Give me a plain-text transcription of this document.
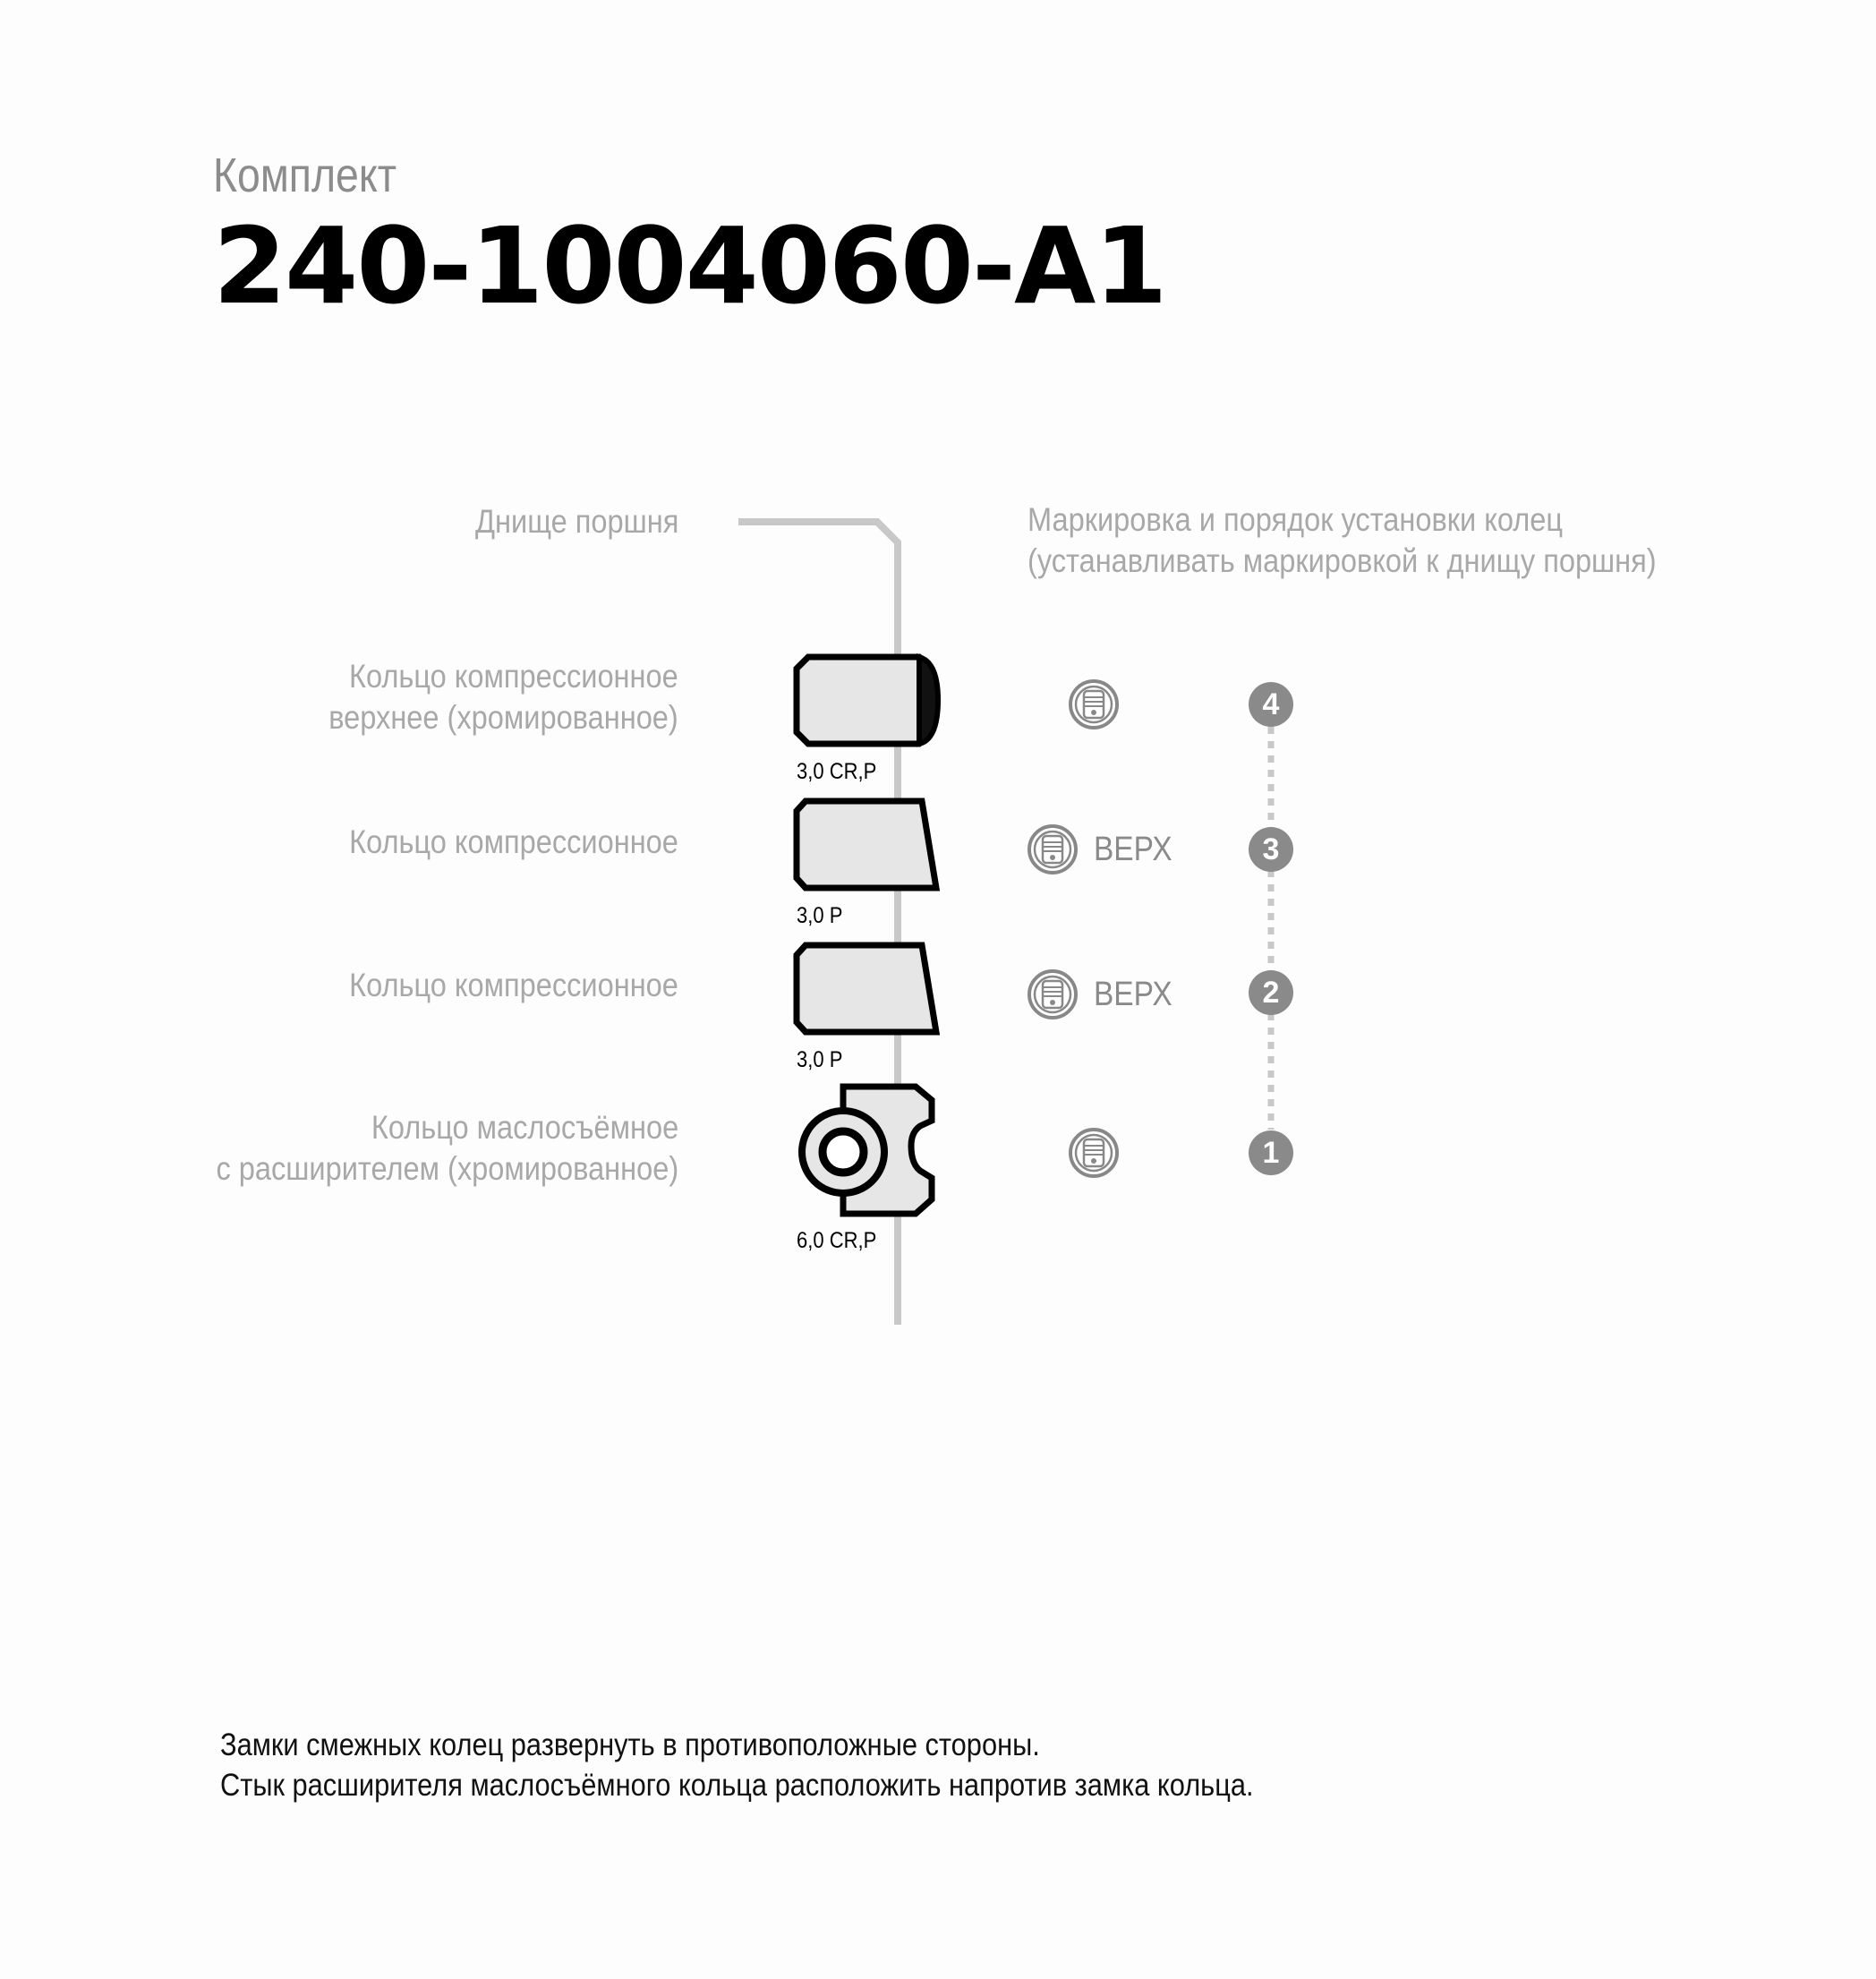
Комплект
240-1004060-А1
Днище поршня
Кольцо компрессионное
верхнее (хромированное)
Кольцо компрессионное
Кольцо компрессионное
Кольцо маслосъёмное
с расширителем (хромированное)
Маркировка и порядок установки колец
(устанавливать маркировкой к днищу поршня)
3,0 CR,P
3,0 P
3,0 P
6,0 CR,P
ВЕРХ
ВЕРХ
4
3
2
1
Замки смежных колец развернуть в противоположные стороны.
Стык расширителя маслосъёмного кольца расположить напротив замка кольца.
